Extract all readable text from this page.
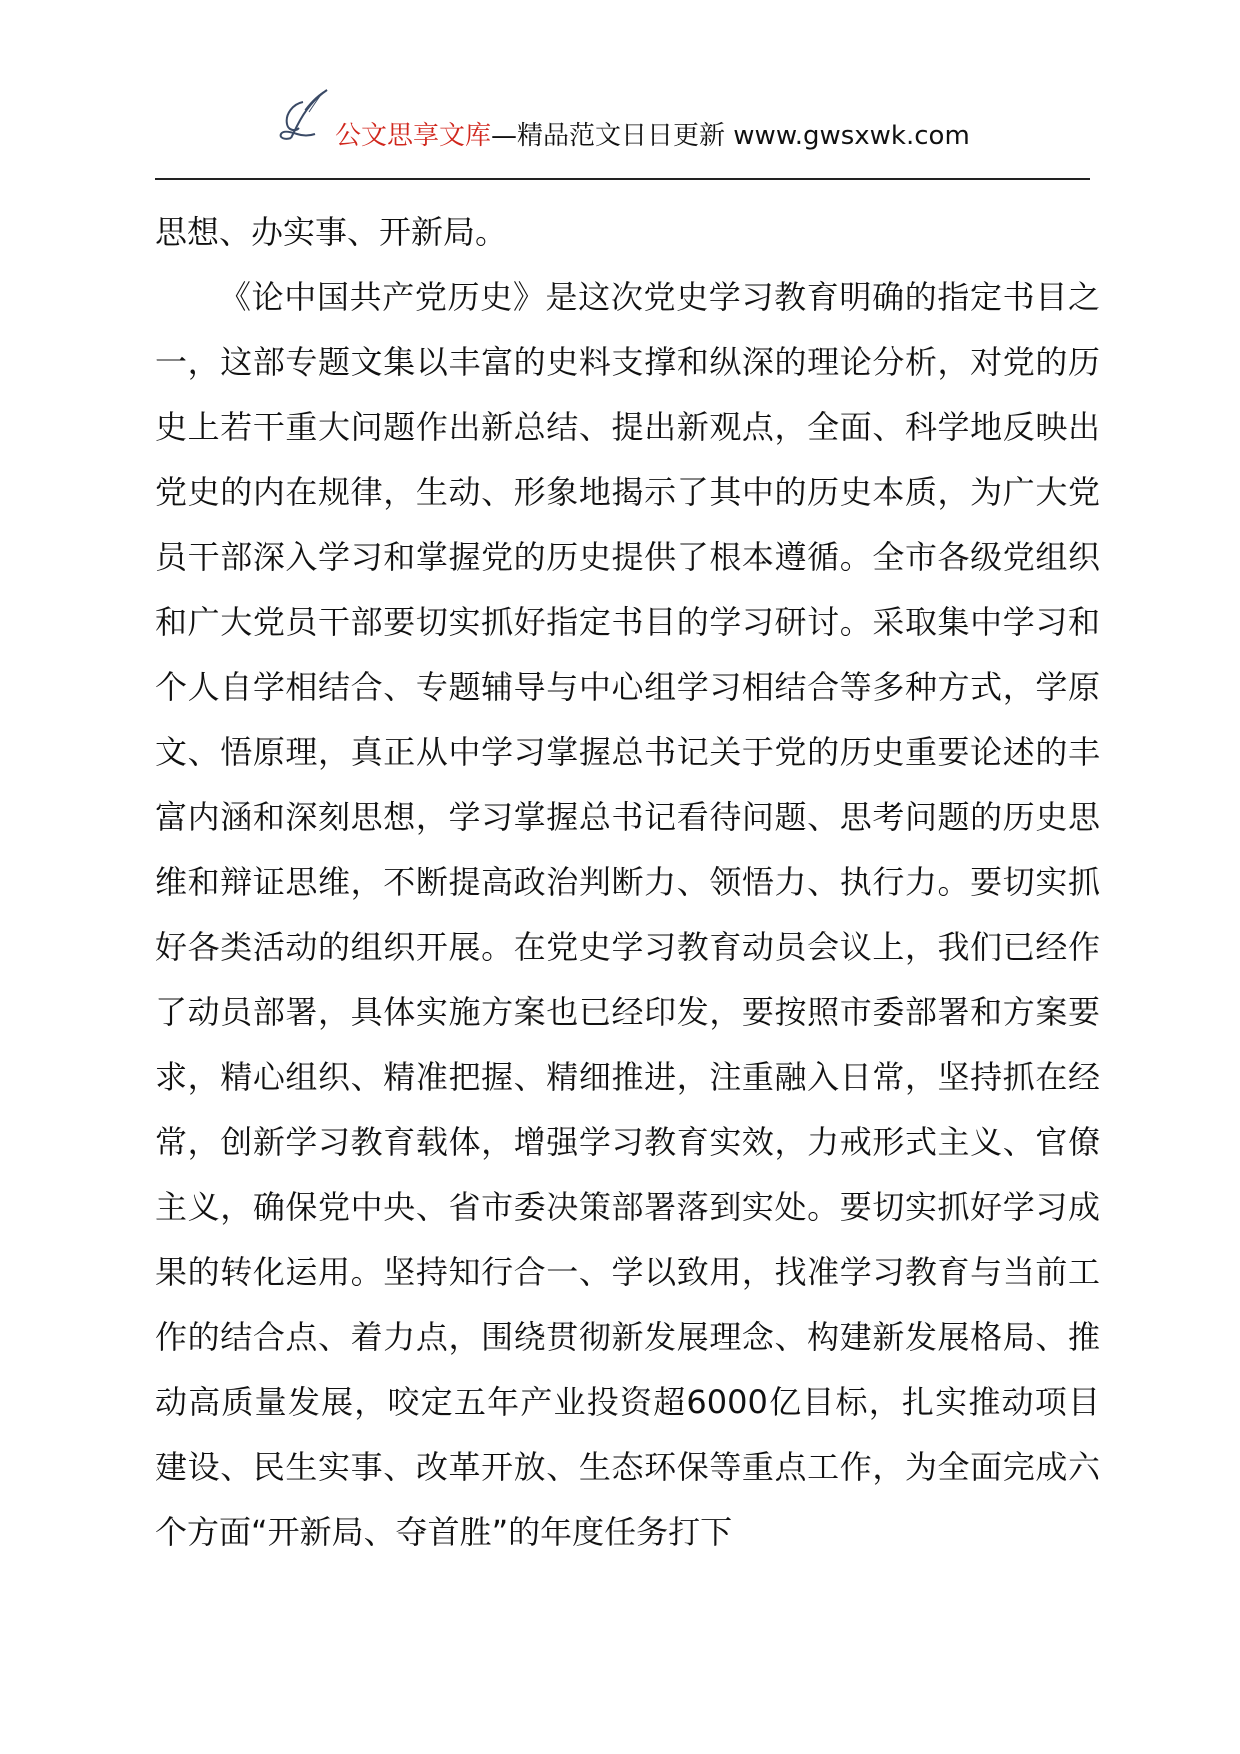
公文思享文库—精品范文日日更新 www.gwsxwk.com

思想、办实事、开新局。

《论中国共产党历史》是这次党史学习教育明确的指定书目之一，这部专题文集以丰富的史料支撑和纵深的理论分析，对党的历史上若干重大问题作出新总结、提出新观点，全面、科学地反映出党史的内在规律，生动、形象地揭示了其中的历史本质，为广大党员干部深入学习和掌握党的历史提供了根本遵循。全市各级党组织和广大党员干部要切实抓好指定书目的学习研讨。采取集中学习和个人自学相结合、专题辅导与中心组学习相结合等多种方式，学原文、悟原理，真正从中学习掌握总书记关于党的历史重要论述的丰富内涵和深刻思想，学习掌握总书记看待问题、思考问题的历史思维和辩证思维，不断提高政治判断力、领悟力、执行力。要切实抓好各类活动的组织开展。在党史学习教育动员会议上，我们已经作了动员部署，具体实施方案也已经印发，要按照市委部署和方案要求，精心组织、精准把握、精细推进，注重融入日常，坚持抓在经常，创新学习教育载体，增强学习教育实效，力戒形式主义、官僚主义，确保党中央、省市委决策部署落到实处。要切实抓好学习成果的转化运用。坚持知行合一、学以致用，找准学习教育与当前工作的结合点、着力点，围绕贯彻新发展理念、构建新发展格局、推动高质量发展，咬定五年产业投资超6000亿目标，扎实推动项目建设、民生实事、改革开放、生态环保等重点工作，为全面完成六个方面“开新局、夺首胜”的年度任务打下
